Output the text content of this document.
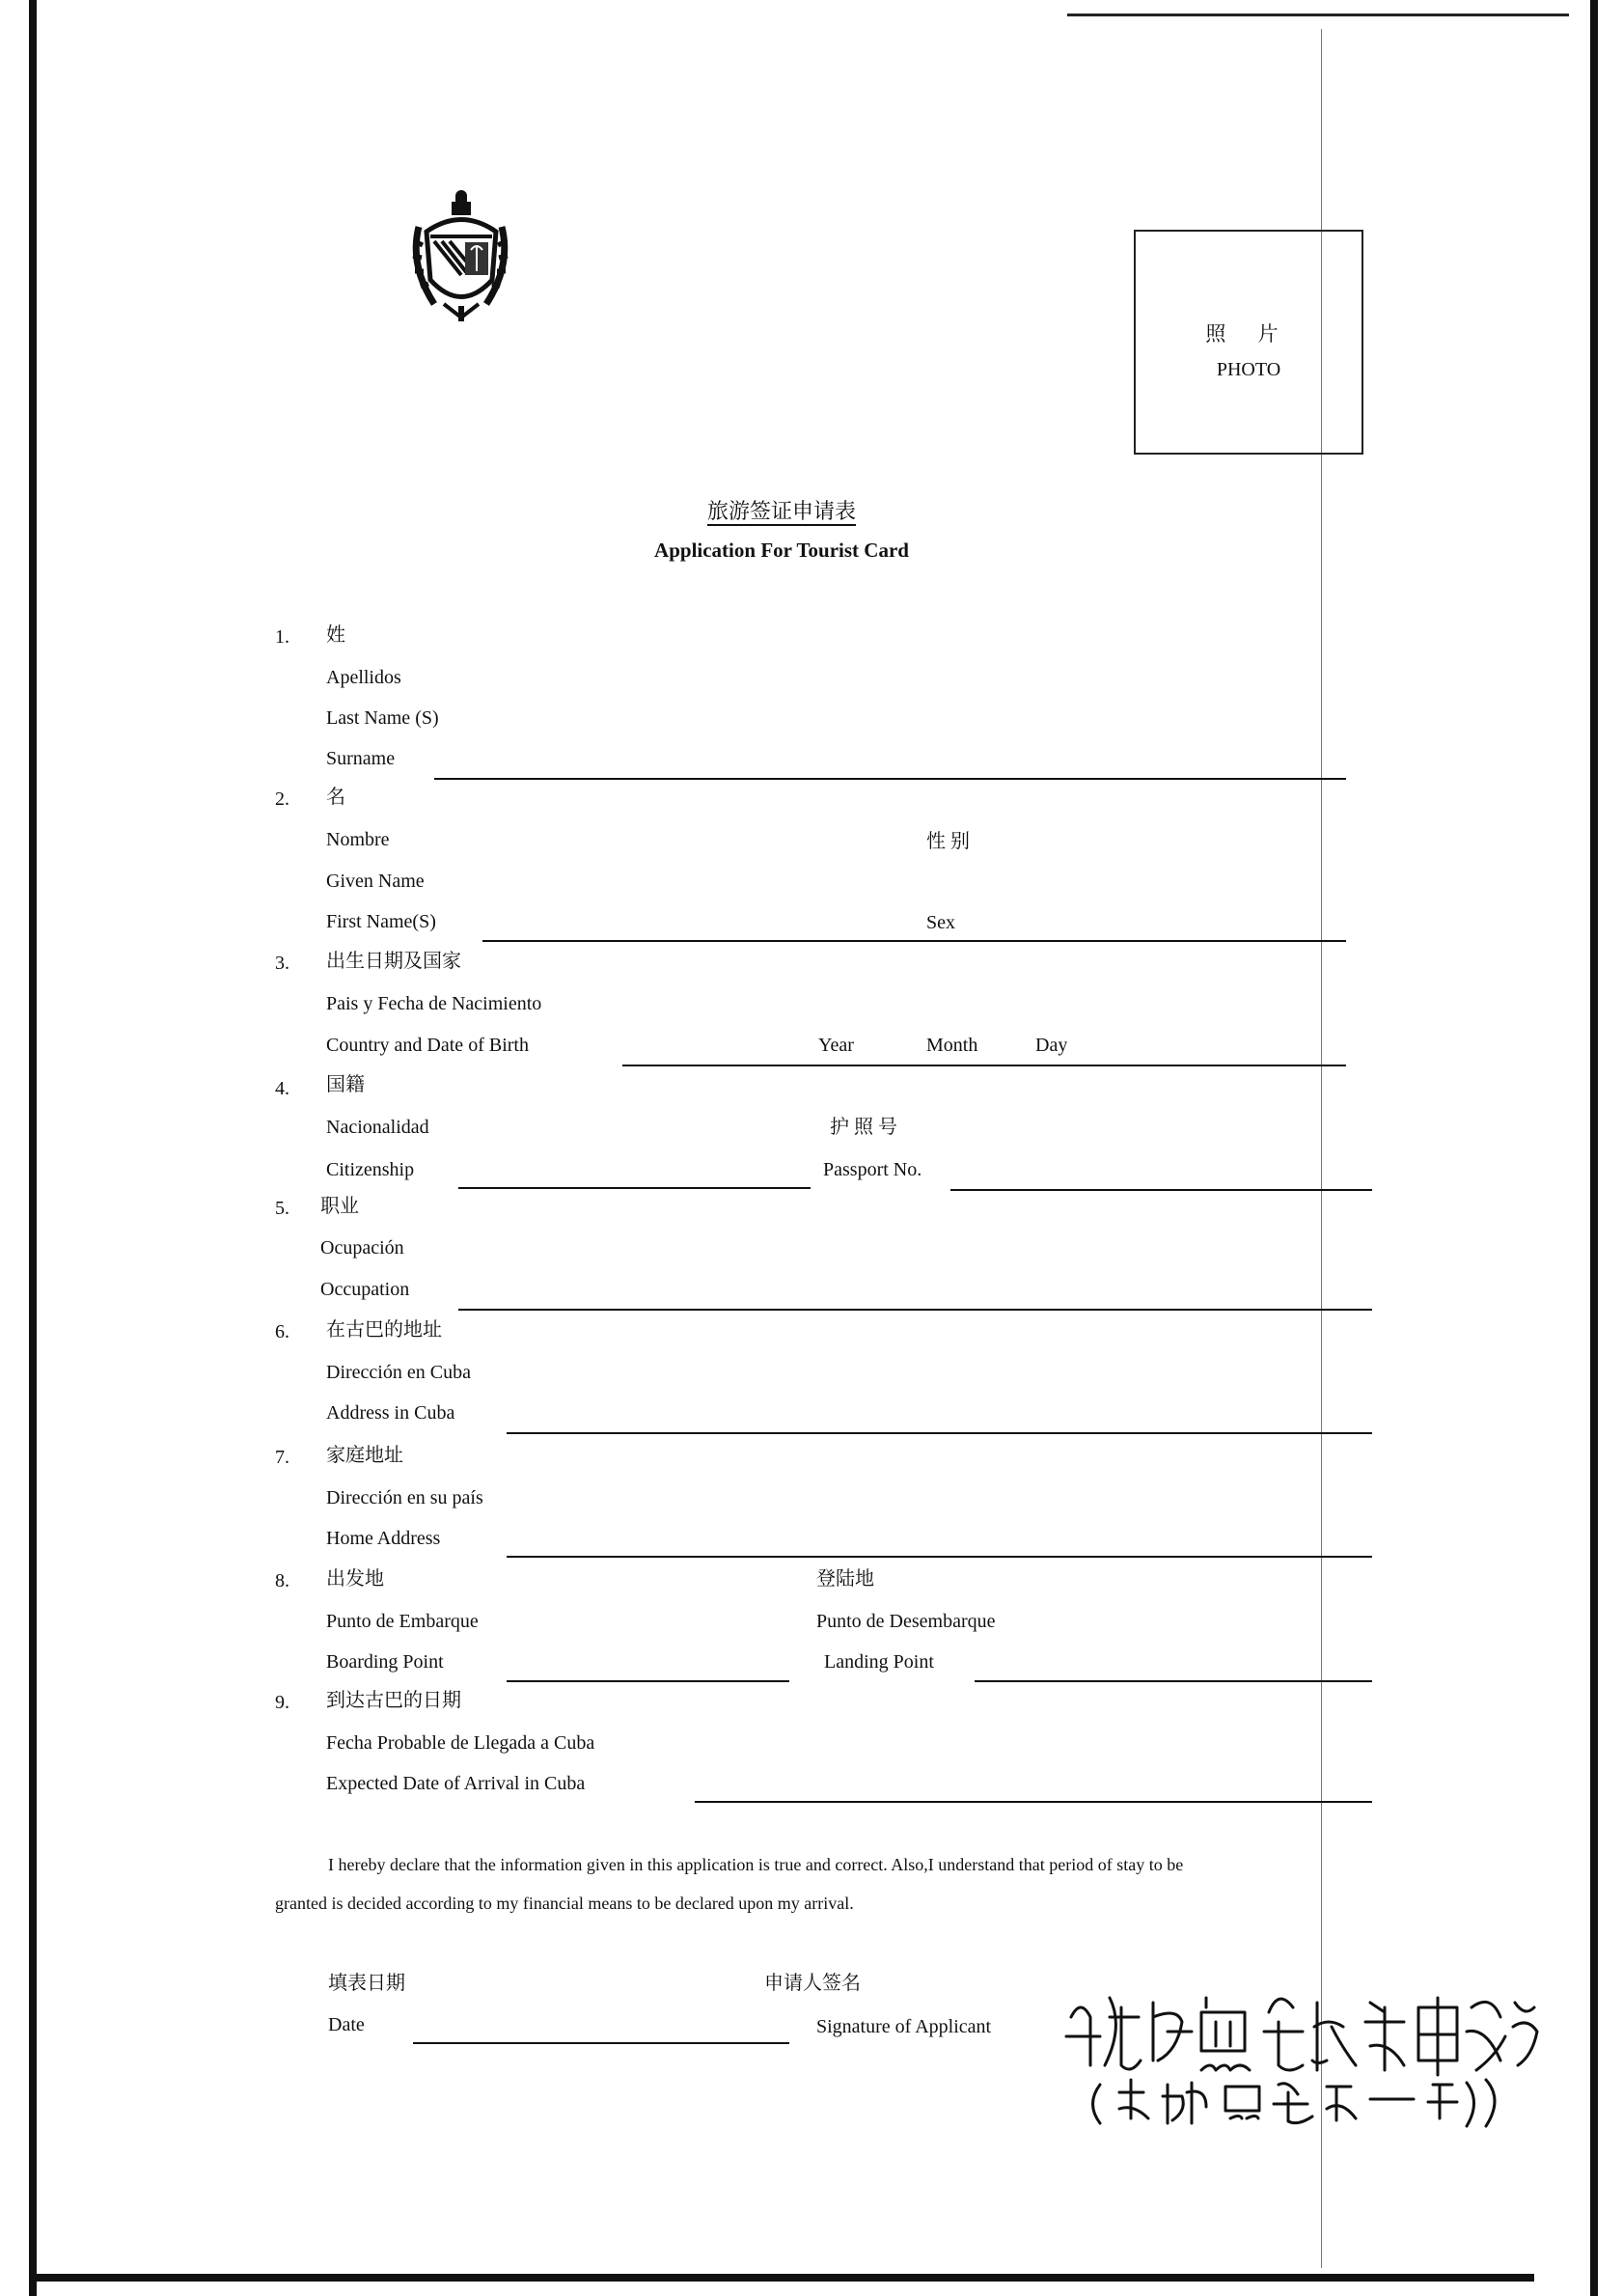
照 片
PHOTO
旅游签证申请表
Application For Tourist Card
1. 姓
Apellidos
Last Name (S)
Surname
2. 名
Nombre
Given Name
First Name(S)
性 别
Sex
3. 出生日期及国家
Pais y Fecha de Nacimiento
Country and Date of Birth	Year	Month	Day
4. 国籍
Nacionalidad
Citizenship
护 照 号
Passport No.
5. 职业
Ocupación
Occupation
6. 在古巴的地址
Dirección en Cuba
Address in Cuba
7. 家庭地址
Dirección en su país
Home Address
8. 出发地
Punto de Embarque
Boarding Point
登陆地
Punto de Desembarque
Landing Point
9. 到达古巴的日期
Fecha Probable de Llegada a Cuba
Expected Date of Arrival in Cuba

I hereby declare that the information given in this application is true and correct. Also,I understand that period of stay to be

granted is decided according to my financial means to be declared upon my arrival.

填表日期
Date
申请人签名
Signature of Applicant
